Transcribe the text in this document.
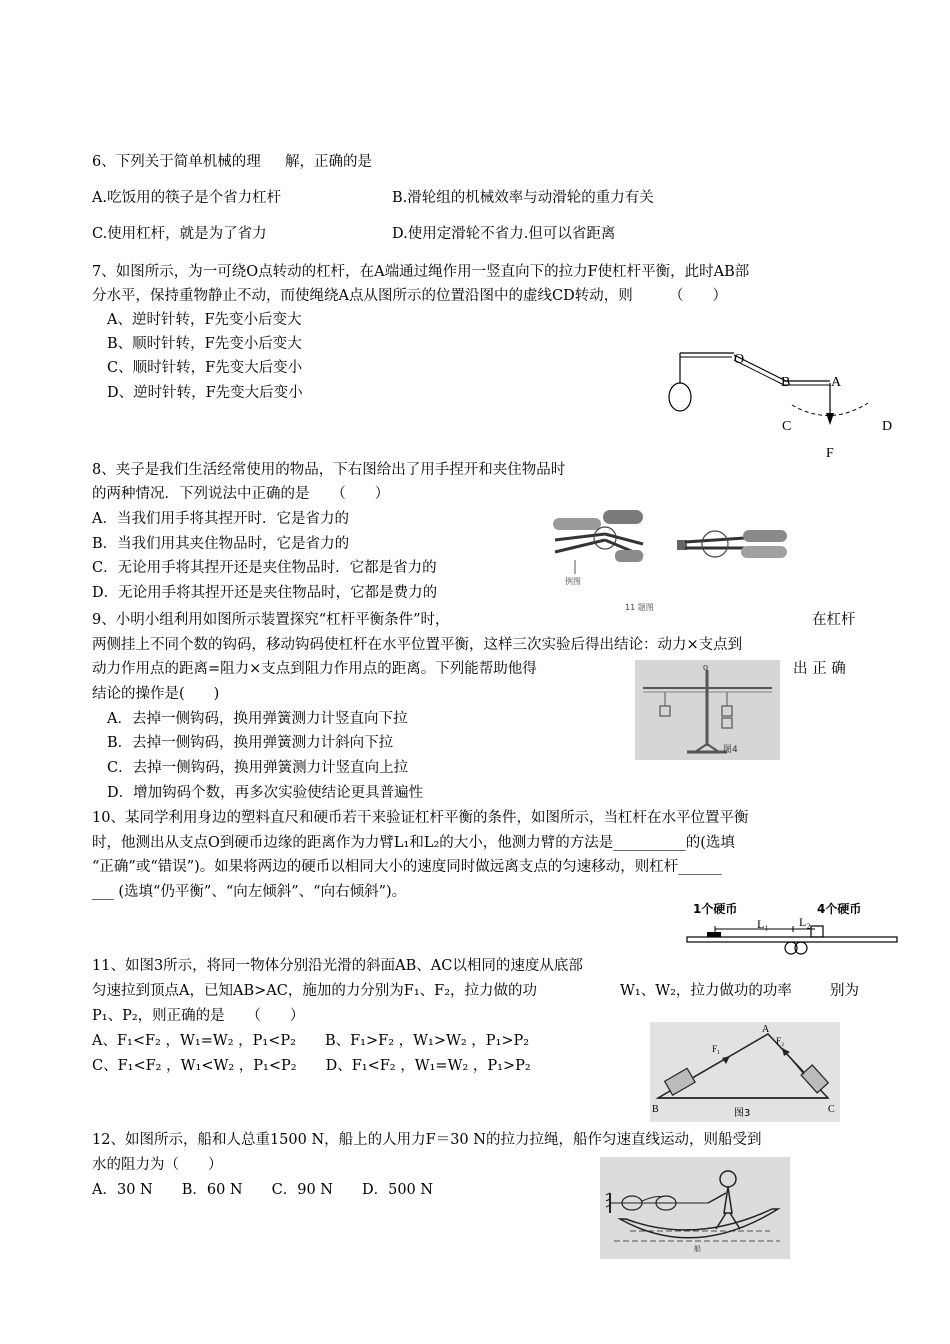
6、下列关于简单机械的理 解，正确的是
A.吃饭用的筷子是个省力杠杆	B.滑轮组的机械效率与动滑轮的重力有关
C.使用杠杆，就是为了省力	D.使用定滑轮不省力.但可以省距离
7、如图所示，为一可绕O点转动的杠杆，在A端通过绳作用一竖直向下的拉力F使杠杆平衡，此时AB部
分水平，保持重物静止不动，而使绳绕A点从图所示的位置沿图中的虚线CD转动，则　　　（　　）
A、逆时针转，F先变小后变大
B、顺时针转，F先变小后变大
C、顺时针转，F先变大后变小
D、逆时针转，F先变大后变小
O
B	A
C	D
F
8、夹子是我们生活经常使用的物品，下右图给出了用手捏开和夹住物品时
的两种情况．下列说法中正确的是　　（　　）
A．当我们用手将其捏开时．它是省力的
B．当我们用其夹住物品时，它是省力的
C．无论用手将其捏开还是夹住物品时．它都是省力的
D．无论用手将其捏开还是夹住物品时，它都是费力的
例图
11 题图
9、小明小组利用如图所示装置探究“杠杆平衡条件”时，	在杠杆
两侧挂上不同个数的钩码，移动钩码使杠杆在水平位置平衡，这样三次实验后得出结论：动力×支点到
动力作用点的距离=阻力×支点到阻力作用点的距离。下列能帮助他得	出 正 确
结论的操作是(　　)
A．去掉一侧钩码，换用弹簧测力计竖直向下拉
B．去掉一侧钩码，换用弹簧测力计斜向下拉
C．去掉一侧钩码，换用弹簧测力计竖直向上拉
D．增加钩码个数，再多次实验使结论更具普遍性
o
图4
10、某同学利用身边的塑料直尺和硬币若干来验证杠杆平衡的条件，如图所示，当杠杆在水平位置平衡
时，他测出从支点O到硬币边缘的距离作为力臂L₁和L₂的大小，他测力臂的方法是__________的(选填
“正确”或“错误”)。如果将两边的硬币以相同大小的速度同时做远离支点的匀速移动，则杠杆______
___ (选填“仍平衡”、“向左倾斜”、“向右倾斜”)。
1个硬币	4个硬币
L₁	L₂
11、如图3所示，将同一物体分别沿光滑的斜面AB、AC以相同的速度从底部
匀速拉到顶点A，已知AB>AC，施加的力分别为F₁、F₂，拉力做的功	W₁、W₂，拉力做功的功率	别为
P₁、P₂，则正确的是　　（　　）
A、F₁<F₂ ，W₁=W₂ ，P₁<P₂　　B、F₁>F₂ ，W₁>W₂ ，P₁>P₂
C、F₁<F₂ ，W₁<W₂ ，P₁<P₂　　D、F₁<F₂ ，W₁=W₂ ，P₁>P₂
A
B	C
F₁
F₂
图3
12、如图所示，船和人总重1500 N，船上的人用力F＝30 N的拉力拉绳，船作匀速直线运动，则船受到
水的阻力为（　　）
A．30 N　　B．60 N　　C．90 N　　D．500 N
船
